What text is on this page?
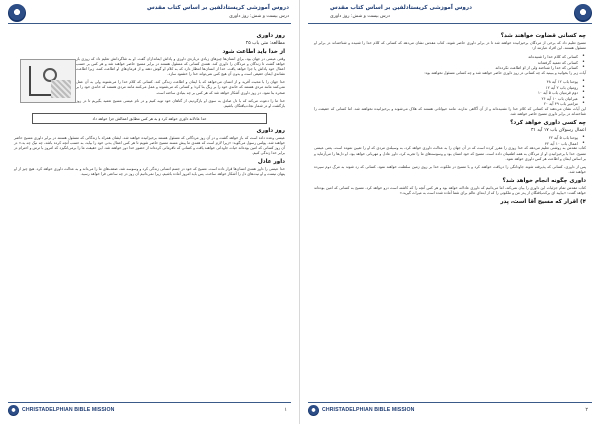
دروس آموزشی کریستادلفین بر اساس کتاب مقدس
درس بیست و شش: روز داوری
روز داوری
مطالعه: متی باب ۲۵
از خدا باید اطاعت شود
وقتی عیسی در جهان بود، برای انسان‌ها چیزهای زیادی درباره‌ی داوری و پاداش ایمانداران گفت. او به شاگردانش تعلیم داد که روزی باز خواهد گشت تا زندگان و مردگان را داوری کند. همه‌ی کسانی که مسئول هستند در برابر مسیح حاضر خواهند شد و هر کس بر حسب اعمال خود پاداش یا جزا خواهد یافت. خدا از انسان‌ها انتظار دارد که به کلام او گوش دهند و از فرمان‌های او اطاعت کنند، زیرا اطاعت نشانه‌ی ایمان حقیقی است و بدون آن هیچ کس نمی‌تواند خدا را خشنود سازد.
خدا جهان را با محبت آفرید و از انسان می‌خواهد که با ایمان و اطاعت زندگی کند. کسانی که کلام خدا را می‌شنوند ولی به آن عمل نمی‌کنند مانند مردی هستند که خانه‌ی خود را بر ریگ بنا کرد؛ و کسانی که می‌شنوند و عمل می‌کنند مانند مردی هستند که خانه‌ی خود را بر صخره بنا نمود. در روز داوری آشکار خواهد شد که هر کس بر چه بنیادی ساخته است.
خدا ما را دعوت می‌کند که با دل صادق به سوی او بازگردیم، از گناهان خود توبه کنیم و در نام عیسی مسیح تعمید بگیریم تا در روز بازگشت او در شمار نجات‌یافتگان باشیم.
خدا عادلانه داوری خواهد کرد و به هر کس مطابق اعمالش جزا خواهد داد
روز داوری
عیسی وعده داده است که باز خواهد گشت و در آن روز مردگانی که مسئول هستند برخیزانیده خواهند شد. ایشان همراه با زندگانی که مسئول هستند در برابر داوری مسیح حاضر خواهند شد. پولس رسول می‌گوید: «زیرا لازم است که همه‌ی ما پیش مسند مسیح حاضر شویم تا هر کس اعمال بدنی خود را بیابد، به حسب آنچه کرده باشد، چه نیک چه بد.» در آن روز کسانی که امین بوده‌اند حیات جاودانی خواهند یافت و کسانی که نافرمانی کرده‌اند از حضور خدا دور خواهند شد. این حقیقت ما را برمی‌انگیزد که امروز با ترس و احترام در برابر خدا زندگی کنیم.
داور عادل
خدا عیسی را داور همه‌ی انسان‌ها قرار داده است. مسیح که خود در جسم انسانی زندگی کرد و وسوسه شد، ضعف‌های ما را می‌داند و به عدالت داوری خواهد کرد. هیچ چیز از او پنهان نیست و او نیت‌های دل را آشکار خواهد ساخت. پس باید امروز آماده باشیم، زیرا نمی‌دانیم آن روز در چه ساعتی فرا خواهد رسید.
CHRISTADELPHIAN BIBLE MISSION	۱
دروس آموزشی کریستادلفین بر اساس کتاب مقدس
درس بیست و شش: روز داوری
چه کسانی قضاوت خواهند شد؟
مسیح تعلیم داد که برخی از مردگان برخیزانیده خواهند شد تا در برابر داوری حاضر شوند. کتاب مقدس نشان می‌دهد که کسانی که کلام خدا را شنیده و شناخته‌اند در برابر او مسئول هستند. این افراد عبارتند از:
• کسانی که کلام خدا را شنیده‌اند
• کسانی که تعمید گرفته‌اند
• کسانی که خدا را شناخته ولی از او اطاعت نکرده‌اند
آیات زیر را بخوانید و ببینید که چه کسانی در روز داوری حاضر خواهند شد و چه کسانی مسئول نخواهند بود:
• یوحنا باب ۱۲ آیه ۴۸
• رومیان باب ۲ آیه ۱۲
• دوم قرنتیان باب ۵ آیه ۱۰
• عبرانیان باب ۱۰ آیه ۲۶
• مزامیر باب ۴۹ آیه ۲۰
این آیات نشان می‌دهند که کسانی که کلام خدا را نشنیده‌اند و از آن آگاهی ندارند، مانند حیواناتی هستند که هلاک می‌شوند و برخیزانیده نخواهند شد. اما کسانی که حقیقت را شناخته‌اند در برابر داوری مسیح حاضر خواهند شد.
چه کسی داوری خواهد کرد؟
اعمال رسولان باب ۱۷ آیه ۳۱
• یوحنا باب ۵ آیه ۲۲
• اعمال باب ۱۰ آیه ۴۲
کتاب مقدس به روشنی تعلیم می‌دهد که خدا روزی را مقرر کرده است که در آن جهان را به عدالت داوری خواهد کرد، به وسیله‌ی مردی که او را تعیین نموده است، یعنی عیسی مسیح. خدا با برخیزانیدن او از مردگان به همه اطمینان داده است. مسیح که خود انسان بود و وسوسه‌های ما را تجربه کرد، داور عادل و مهربانی خواهد بود. او دل‌ها را می‌آزماید و بر اساس ایمان و اطاعت هر کس داوری خواهد نمود.
پس از داوری، کسانی که پذیرفته شوند جاودانگی را دریافت خواهند کرد و با مسیح در ملکوت خدا بر روی زمین سلطنت خواهند نمود. کسانی که رد شوند به مرگ دوم سپرده خواهند شد.
داوری چگونه انجام خواهد شد؟
کتاب مقدس تمام جزئیات این داوری را بیان نمی‌کند، اما می‌دانیم که داوری عادلانه خواهد بود و هر کس آنچه را که کاشته است درو خواهد کرد. مسیح به کسانی که امین بوده‌اند خواهد گفت: «بیایید ای برکت‌یافتگان از پدر من و ملکوتی را که از ابتدای عالم برای شما آماده شده است به میراث گیرید.»
۴) اقرار که مسیح آقا‌ است، پدر
CHRISTADELPHIAN BIBLE MISSION	۲
